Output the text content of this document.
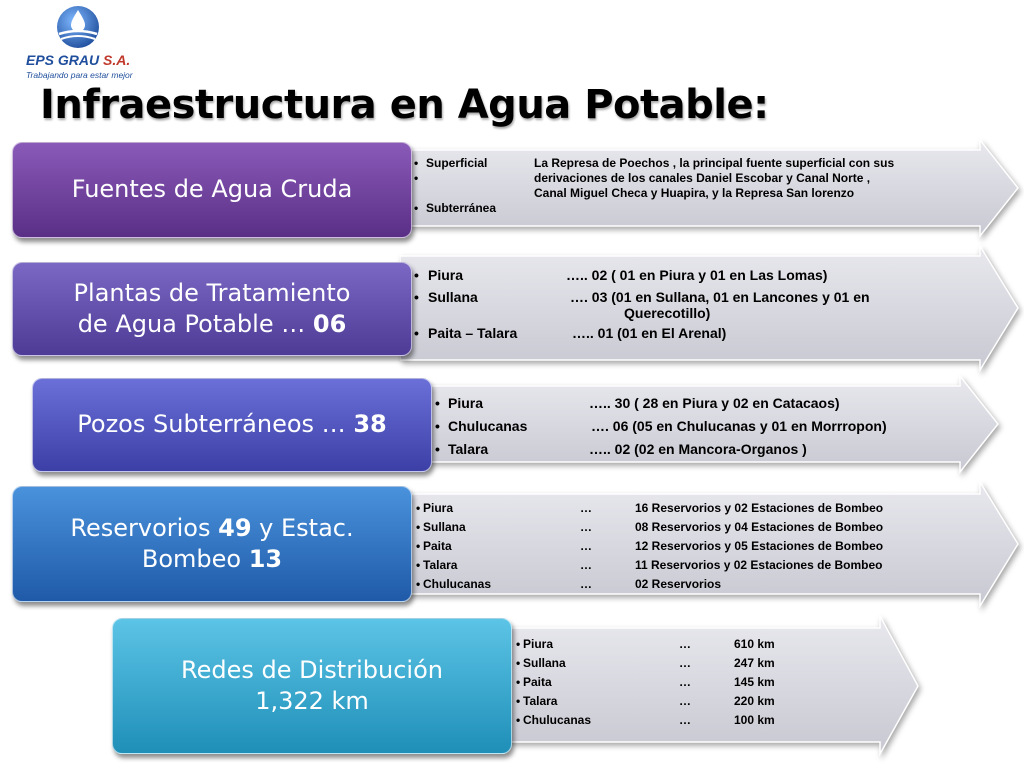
EPS GRAU S.A.
Trabajando para estar mejor
Infraestructura en Agua Potable:
Fuentes de Agua Cruda
• Superficial	La Represa de Poechos , la principal fuente superficial con sus
•	derivaciones de los canales Daniel Escobar y Canal Norte ,
Canal Miguel Checa y Huapira, y la Represa San lorenzo
• Subterránea
Plantas de Tratamiento
de Agua Potable … 06
• Piura	….. 02 ( 01 en Piura y 01 en Las Lomas)
• Sullana	…. 03 (01 en Sullana, 01 en Lancones y 01 en
Querecotillo)
• Paita – Talara	….. 01 (01 en El Arenal)
Pozos Subterráneos … 38
• Piura	….. 30 ( 28 en Piura y 02 en Catacaos)
• Chulucanas	…. 06 (05 en Chulucanas y 01 en Morrropon)
• Talara	….. 02 (02 en Mancora-Organos )
Reservorios 49 y Estac.
Bombeo 13
• Piura	…	16 Reservorios y 02 Estaciones de Bombeo
• Sullana	…	08 Reservorios y 04 Estaciones de Bombeo
• Paita	…	12 Reservorios y 05 Estaciones de Bombeo
• Talara	…	11 Reservorios y 02 Estaciones de Bombeo
• Chulucanas	…	02 Reservorios
Redes de Distribución
1,322 km
• Piura	…	610 km
• Sullana	…	247 km
• Paita	…	145 km
• Talara	…	220 km
• Chulucanas	…	100 km
